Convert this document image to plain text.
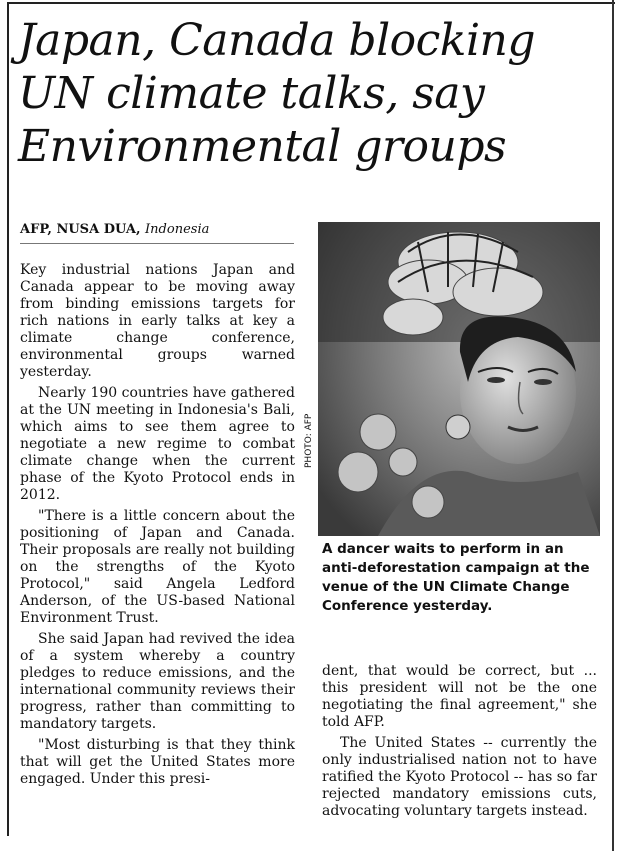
Japan, Canada blocking
UN climate talks, say
Environmental groups
AFP, NUSA DUA, Indonesia

Key industrial nations Japan and Canada appear to be moving away from binding emissions targets for rich nations in early talks at key a climate change conference, environmental groups warned yesterday.

Nearly 190 countries have gathered at the UN meeting in Indonesia's Bali, which aims to see them agree to negotiate a new regime to combat climate change when the current phase of the Kyoto Protocol ends in 2012.

"There is a little concern about the positioning of Japan and Canada. Their proposals are really not building on the strengths of the Kyoto Protocol," said Angela Ledford Anderson, of the US-based National Environment Trust.

She said Japan had revived the idea of a system whereby a country pledges to reduce emissions, and the international community reviews their progress, rather than committing to mandatory targets.

"Most disturbing is that they think that will get the United States more engaged. Under this presi-

PHOTO: AFP
A dancer waits to perform in an anti-deforestation campaign at the venue of the UN Climate Change Conference yesterday.

dent, that would be correct, but ... this president will not be the one negotiating the final agreement," she told AFP.

The United States -- currently the only industrialised nation not to have ratified the Kyoto Protocol -- has so far rejected mandatory emissions cuts, advocating voluntary targets instead.
